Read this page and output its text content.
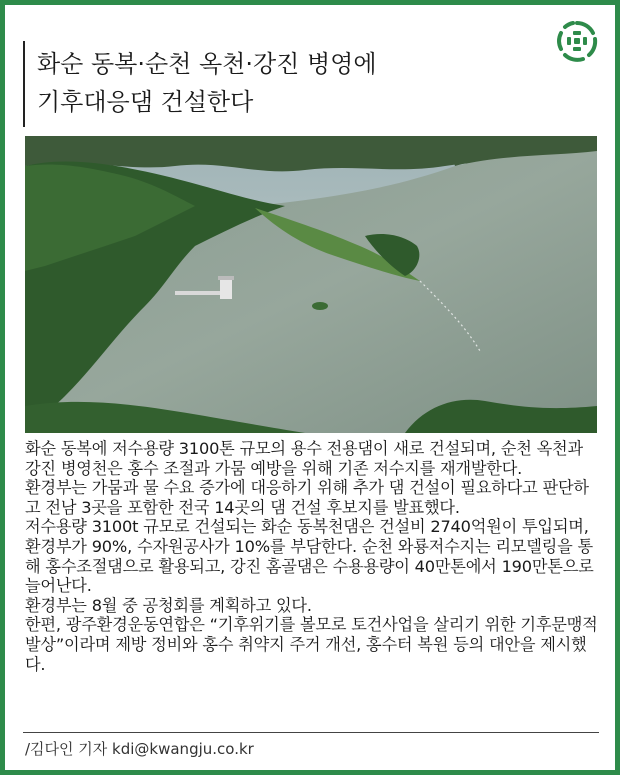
화순 동복·순천 옥천·강진 병영에
기후대응댐 건설한다

화순 동복에 저수용량 3100톤 규모의 용수 전용댐이 새로 건설되며, 순천 옥천과 강진 병영천은 홍수 조절과 가뭄 예방을 위해 기존 저수지를 재개발한다.

환경부는 가뭄과 물 수요 증가에 대응하기 위해 추가 댐 건설이 필요하다고 판단하고 전남 3곳을 포함한 전국 14곳의 댐 건설 후보지를 발표했다.

저수용량 3100t 규모로 건설되는 화순 동복천댐은 건설비 2740억원이 투입되며, 환경부가 90%, 수자원공사가 10%를 부담한다. 순천 와룡저수지는 리모델링을 통해 홍수조절댐으로 활용되고, 강진 홈골댐은 수용용량이 40만톤에서 190만톤으로 늘어난다.

환경부는 8월 중 공청회를 계획하고 있다.

한편, 광주환경운동연합은 “기후위기를 볼모로 토건사업을 살리기 위한 기후문맹적 발상”이라며 제방 정비와 홍수 취약지 주거 개선, 홍수터 복원 등의 대안을 제시했다.

/김다인 기자 kdi@kwangju.co.kr
